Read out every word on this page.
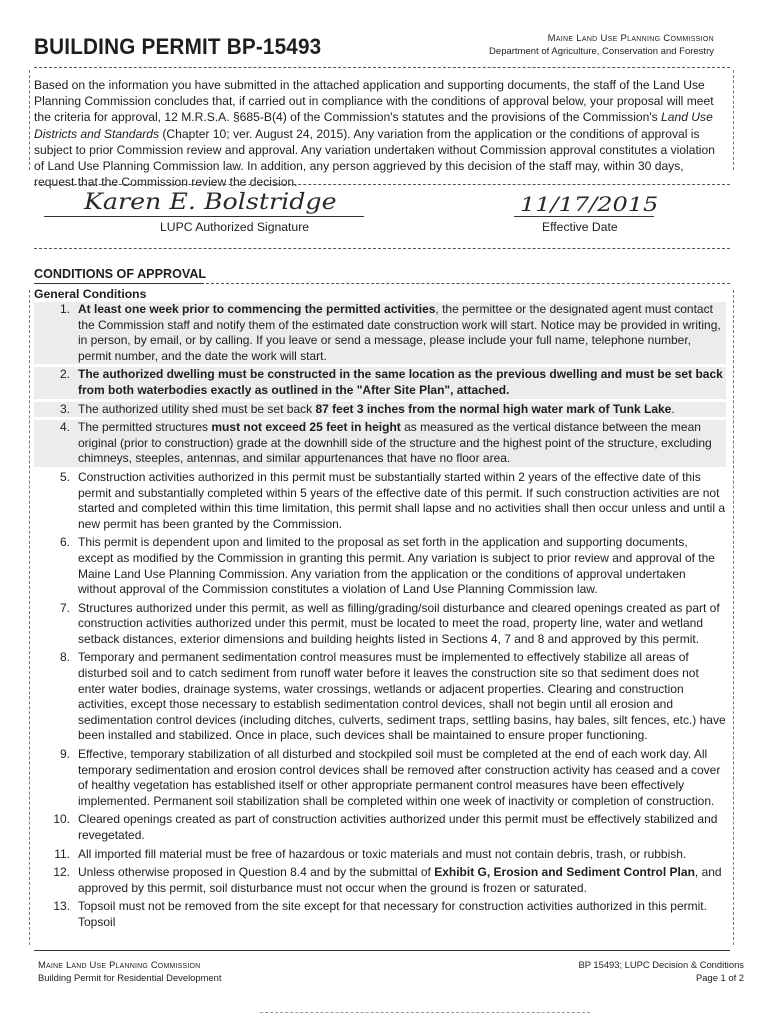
BUILDING PERMIT BP-15493	Maine Land Use Planning Commission
Department of Agriculture, Conservation and Forestry
Based on the information you have submitted in the attached application and supporting documents, the staff of the Land Use Planning Commission concludes that, if carried out in compliance with the conditions of approval below, your proposal will meet the criteria for approval, 12 M.R.S.A. §685-B(4) of the Commission's statutes and the provisions of the Commission's Land Use Districts and Standards (Chapter 10; ver. August 24, 2015). Any variation from the application or the conditions of approval is subject to prior Commission review and approval. Any variation undertaken without Commission approval constitutes a violation of Land Use Planning Commission law. In addition, any person aggrieved by this decision of the staff may, within 30 days, request that the Commission review the decision.
Karen E. Bolstridge
LUPC Authorized Signature
11/17/2015
Effective Date
CONDITIONS OF APPROVAL
General Conditions
1. At least one week prior to commencing the permitted activities, the permittee or the designated agent must contact the Commission staff and notify them of the estimated date construction work will start. Notice may be provided in writing, in person, by email, or by calling. If you leave or send a message, please include your full name, telephone number, permit number, and the date the work will start.
2. The authorized dwelling must be constructed in the same location as the previous dwelling and must be set back from both waterbodies exactly as outlined in the "After Site Plan", attached.
3. The authorized utility shed must be set back 87 feet 3 inches from the normal high water mark of Tunk Lake.
4. The permitted structures must not exceed 25 feet in height as measured as the vertical distance between the mean original (prior to construction) grade at the downhill side of the structure and the highest point of the structure, excluding chimneys, steeples, antennas, and similar appurtenances that have no floor area.
5. Construction activities authorized in this permit must be substantially started within 2 years of the effective date of this permit and substantially completed within 5 years of the effective date of this permit. If such construction activities are not started and completed within this time limitation, this permit shall lapse and no activities shall then occur unless and until a new permit has been granted by the Commission.
6. This permit is dependent upon and limited to the proposal as set forth in the application and supporting documents, except as modified by the Commission in granting this permit. Any variation is subject to prior review and approval of the Maine Land Use Planning Commission. Any variation from the application or the conditions of approval undertaken without approval of the Commission constitutes a violation of Land Use Planning Commission law.
7. Structures authorized under this permit, as well as filling/grading/soil disturbance and cleared openings created as part of construction activities authorized under this permit, must be located to meet the road, property line, water and wetland setback distances, exterior dimensions and building heights listed in Sections 4, 7 and 8 and approved by this permit.
8. Temporary and permanent sedimentation control measures must be implemented to effectively stabilize all areas of disturbed soil and to catch sediment from runoff water before it leaves the construction site so that sediment does not enter water bodies, drainage systems, water crossings, wetlands or adjacent properties. Clearing and construction activities, except those necessary to establish sedimentation control devices, shall not begin until all erosion and sedimentation control devices (including ditches, culverts, sediment traps, settling basins, hay bales, silt fences, etc.) have been installed and stabilized. Once in place, such devices shall be maintained to ensure proper functioning.
9. Effective, temporary stabilization of all disturbed and stockpiled soil must be completed at the end of each work day. All temporary sedimentation and erosion control devices shall be removed after construction activity has ceased and a cover of healthy vegetation has established itself or other appropriate permanent control measures have been effectively implemented. Permanent soil stabilization shall be completed within one week of inactivity or completion of construction.
10. Cleared openings created as part of construction activities authorized under this permit must be effectively stabilized and revegetated.
11. All imported fill material must be free of hazardous or toxic materials and must not contain debris, trash, or rubbish.
12. Unless otherwise proposed in Question 8.4 and by the submittal of Exhibit G, Erosion and Sediment Control Plan, and approved by this permit, soil disturbance must not occur when the ground is frozen or saturated.
13. Topsoil must not be removed from the site except for that necessary for construction activities authorized in this permit. Topsoil
Maine Land Use Planning Commission
Building Permit for Residential Development
BP 15493; LUPC Decision & Conditions
Page 1 of 2
